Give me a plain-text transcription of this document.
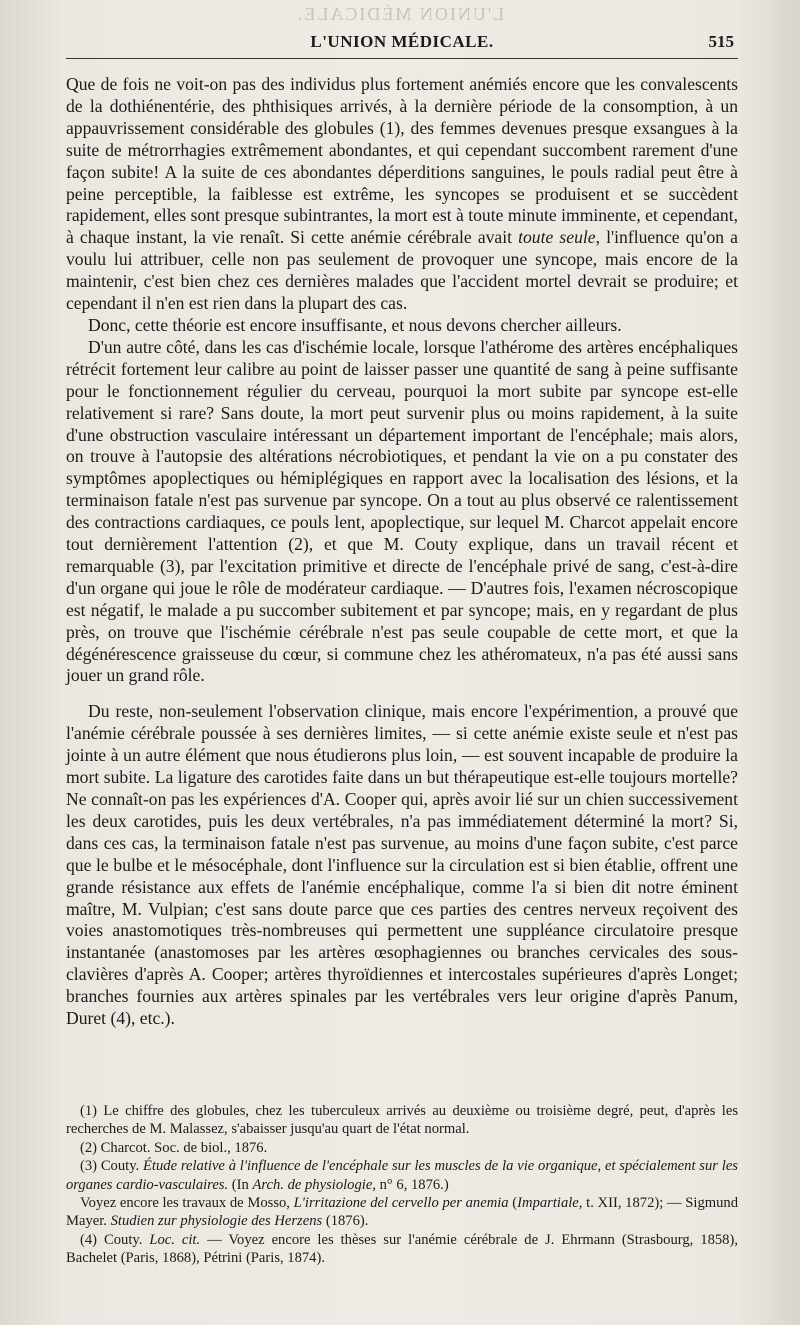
L'UNION MÉDICALE.
L'UNION MÉDICALE.	515

Que de fois ne voit-on pas des individus plus fortement anémiés encore que les convalescents de la dothiénentérie, des phthisiques arrivés, à la dernière période de la consomption, à un appauvrissement considérable des globules (1), des femmes devenues presque exsangues à la suite de métrorrhagies extrêmement abondantes, et qui cependant succombent rarement d'une façon subite! A la suite de ces abondantes déperditions sanguines, le pouls radial peut être à peine perceptible, la faiblesse est extrême, les syncopes se produisent et se succèdent rapidement, elles sont presque subintrantes, la mort est à toute minute imminente, et cependant, à chaque instant, la vie renaît. Si cette anémie cérébrale avait toute seule, l'influence qu'on a voulu lui attribuer, celle non pas seulement de provoquer une syncope, mais encore de la maintenir, c'est bien chez ces dernières malades que l'accident mortel devrait se produire; et cependant il n'en est rien dans la plupart des cas.

Donc, cette théorie est encore insuffisante, et nous devons chercher ailleurs.

D'un autre côté, dans les cas d'ischémie locale, lorsque l'athérome des artères encéphaliques rétrécit fortement leur calibre au point de laisser passer une quantité de sang à peine suffisante pour le fonctionnement régulier du cerveau, pourquoi la mort subite par syncope est-elle relativement si rare? Sans doute, la mort peut survenir plus ou moins rapidement, à la suite d'une obstruction vasculaire intéressant un département important de l'encéphale; mais alors, on trouve à l'autopsie des altérations nécrobiotiques, et pendant la vie on a pu constater des symptômes apoplectiques ou hémiplégiques en rapport avec la localisation des lésions, et la terminaison fatale n'est pas survenue par syncope. On a tout au plus observé ce ralentissement des contractions cardiaques, ce pouls lent, apoplectique, sur lequel M. Charcot appelait encore tout dernièrement l'attention (2), et que M. Couty explique, dans un travail récent et remarquable (3), par l'excitation primitive et directe de l'encéphale privé de sang, c'est-à-dire d'un organe qui joue le rôle de modérateur cardiaque. — D'autres fois, l'examen nécroscopique est négatif, le malade a pu succomber subitement et par syncope; mais, en y regardant de plus près, on trouve que l'ischémie cérébrale n'est pas seule coupable de cette mort, et que la dégénérescence graisseuse du cœur, si commune chez les athéromateux, n'a pas été aussi sans jouer un grand rôle.

Du reste, non-seulement l'observation clinique, mais encore l'expérimention, a prouvé que l'anémie cérébrale poussée à ses dernières limites, — si cette anémie existe seule et n'est pas jointe à un autre élément que nous étudierons plus loin, — est souvent incapable de produire la mort subite. La ligature des carotides faite dans un but thérapeutique est-elle toujours mortelle? Ne connaît-on pas les expériences d'A. Cooper qui, après avoir lié sur un chien successivement les deux carotides, puis les deux vertébrales, n'a pas immédiatement déterminé la mort? Si, dans ces cas, la terminaison fatale n'est pas survenue, au moins d'une façon subite, c'est parce que le bulbe et le mésocéphale, dont l'influence sur la circulation est si bien établie, offrent une grande résistance aux effets de l'anémie encéphalique, comme l'a si bien dit notre éminent maître, M. Vulpian; c'est sans doute parce que ces parties des centres nerveux reçoivent des voies anastomotiques très-nombreuses qui permettent une suppléance circulatoire presque instantanée (anastomoses par les artères œsophagiennes ou branches cervicales des sous-clavières d'après A. Cooper; artères thyroïdiennes et intercostales supérieures d'après Longet; branches fournies aux artères spinales par les vertébrales vers leur origine d'après Panum, Duret (4), etc.).

(1) Le chiffre des globules, chez les tuberculeux arrivés au deuxième ou troisième degré, peut, d'après les recherches de M. Malassez, s'abaisser jusqu'au quart de l'état normal.

(2) Charcot. Soc. de biol., 1876.

(3) Couty. Étude relative à l'influence de l'encéphale sur les muscles de la vie organique, et spécialement sur les organes cardio-vasculaires. (In Arch. de physiologie, n° 6, 1876.)

Voyez encore les travaux de Mosso, L'irritazione del cervello per anemia (Impartiale, t. XII, 1872); — Sigmund Mayer. Studien zur physiologie des Herzens (1876).

(4) Couty. Loc. cit. — Voyez encore les thèses sur l'anémie cérébrale de J. Ehrmann (Strasbourg, 1858), Bachelet (Paris, 1868), Pétrini (Paris, 1874).
